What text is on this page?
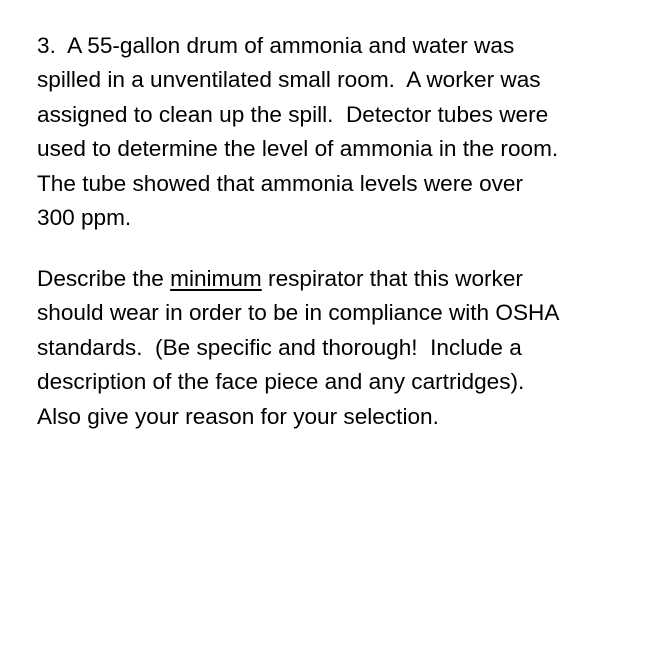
3.  A 55-gallon drum of ammonia and water was
spilled in a unventilated small room.  A worker was
assigned to clean up the spill.  Detector tubes were
used to determine the level of ammonia in the room.
The tube showed that ammonia levels were over
300 ppm.
Describe the minimum respirator that this worker
should wear in order to be in compliance with OSHA
standards.  (Be specific and thorough!  Include a
description of the face piece and any cartridges).
Also give your reason for your selection.
